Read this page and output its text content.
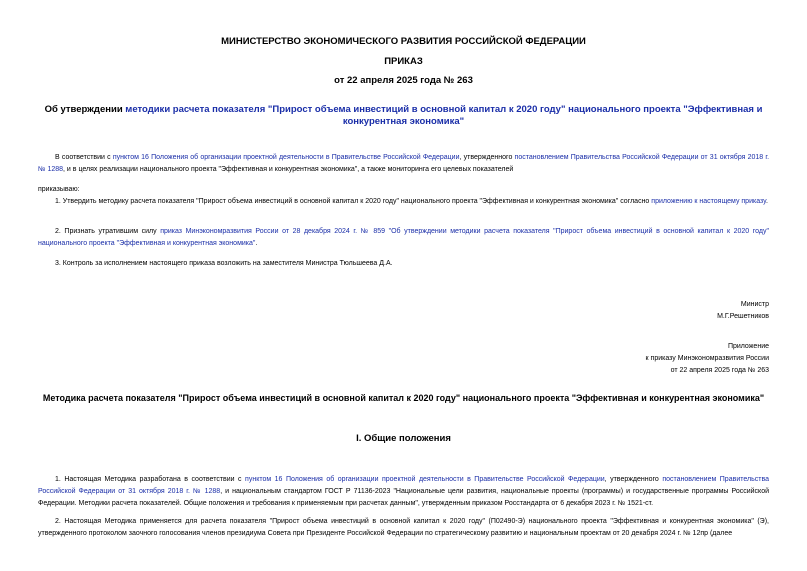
МИНИСТЕРСТВО ЭКОНОМИЧЕСКОГО РАЗВИТИЯ РОССИЙСКОЙ ФЕДЕРАЦИИ
ПРИКАЗ
от 22 апреля 2025 года № 263
Об утверждении методики расчета показателя "Прирост объема инвестиций в основной капитал к 2020 году" национального проекта "Эффективная и конкурентная экономика"
В соответствии с пунктом 16 Положения об организации проектной деятельности в Правительстве Российской Федерации, утвержденного постановлением Правительства Российской Федерации от 31 октября 2018 г. № 1288, и в целях реализации национального проекта "Эффективная и конкурентная экономика", а также мониторинга его целевых показателей
приказываю:
1. Утвердить методику расчета показателя "Прирост объема инвестиций в основной капитал к 2020 году" национального проекта "Эффективная и конкурентная экономика" согласно приложению к настоящему приказу.
2. Признать утратившим силу приказ Минэкономразвития России от 28 декабря 2024 г. № 859 "Об утверждении методики расчета показателя "Прирост объема инвестиций в основной капитал к 2020 году" национального проекта "Эффективная и конкурентная экономика".
3. Контроль за исполнением настоящего приказа возложить на заместителя Министра Тюльшеева Д.А.
Министр
М.Г.Решетников
Приложение
к приказу Минэкономразвития России
от 22 апреля 2025 года № 263
Методика расчета показателя "Прирост объема инвестиций в основной капитал к 2020 году" национального проекта "Эффективная и конкурентная экономика"
I. Общие положения
1. Настоящая Методика разработана в соответствии с пунктом 16 Положения об организации проектной деятельности в Правительстве Российской Федерации, утвержденного постановлением Правительства Российской Федерации от 31 октября 2018 г. № 1288, и национальным стандартом ГОСТ Р 71136-2023 "Национальные цели развития, национальные проекты (программы) и государственные программы Российской Федерации. Методики расчета показателей. Общие положения и требования к применяемым при расчетах данным", утвержденным приказом Росстандарта от 6 декабря 2023 г. № 1521-ст.
2. Настоящая Методика применяется для расчета показателя "Прирост объема инвестиций в основной капитал к 2020 году" (П02490-Э) национального проекта "Эффективная и конкурентная экономика" (Э), утвержденного протоколом заочного голосования членов президиума Совета при Президенте Российской Федерации по стратегическому развитию и национальным проектам от 20 декабря 2024 г. № 12пр (далее
